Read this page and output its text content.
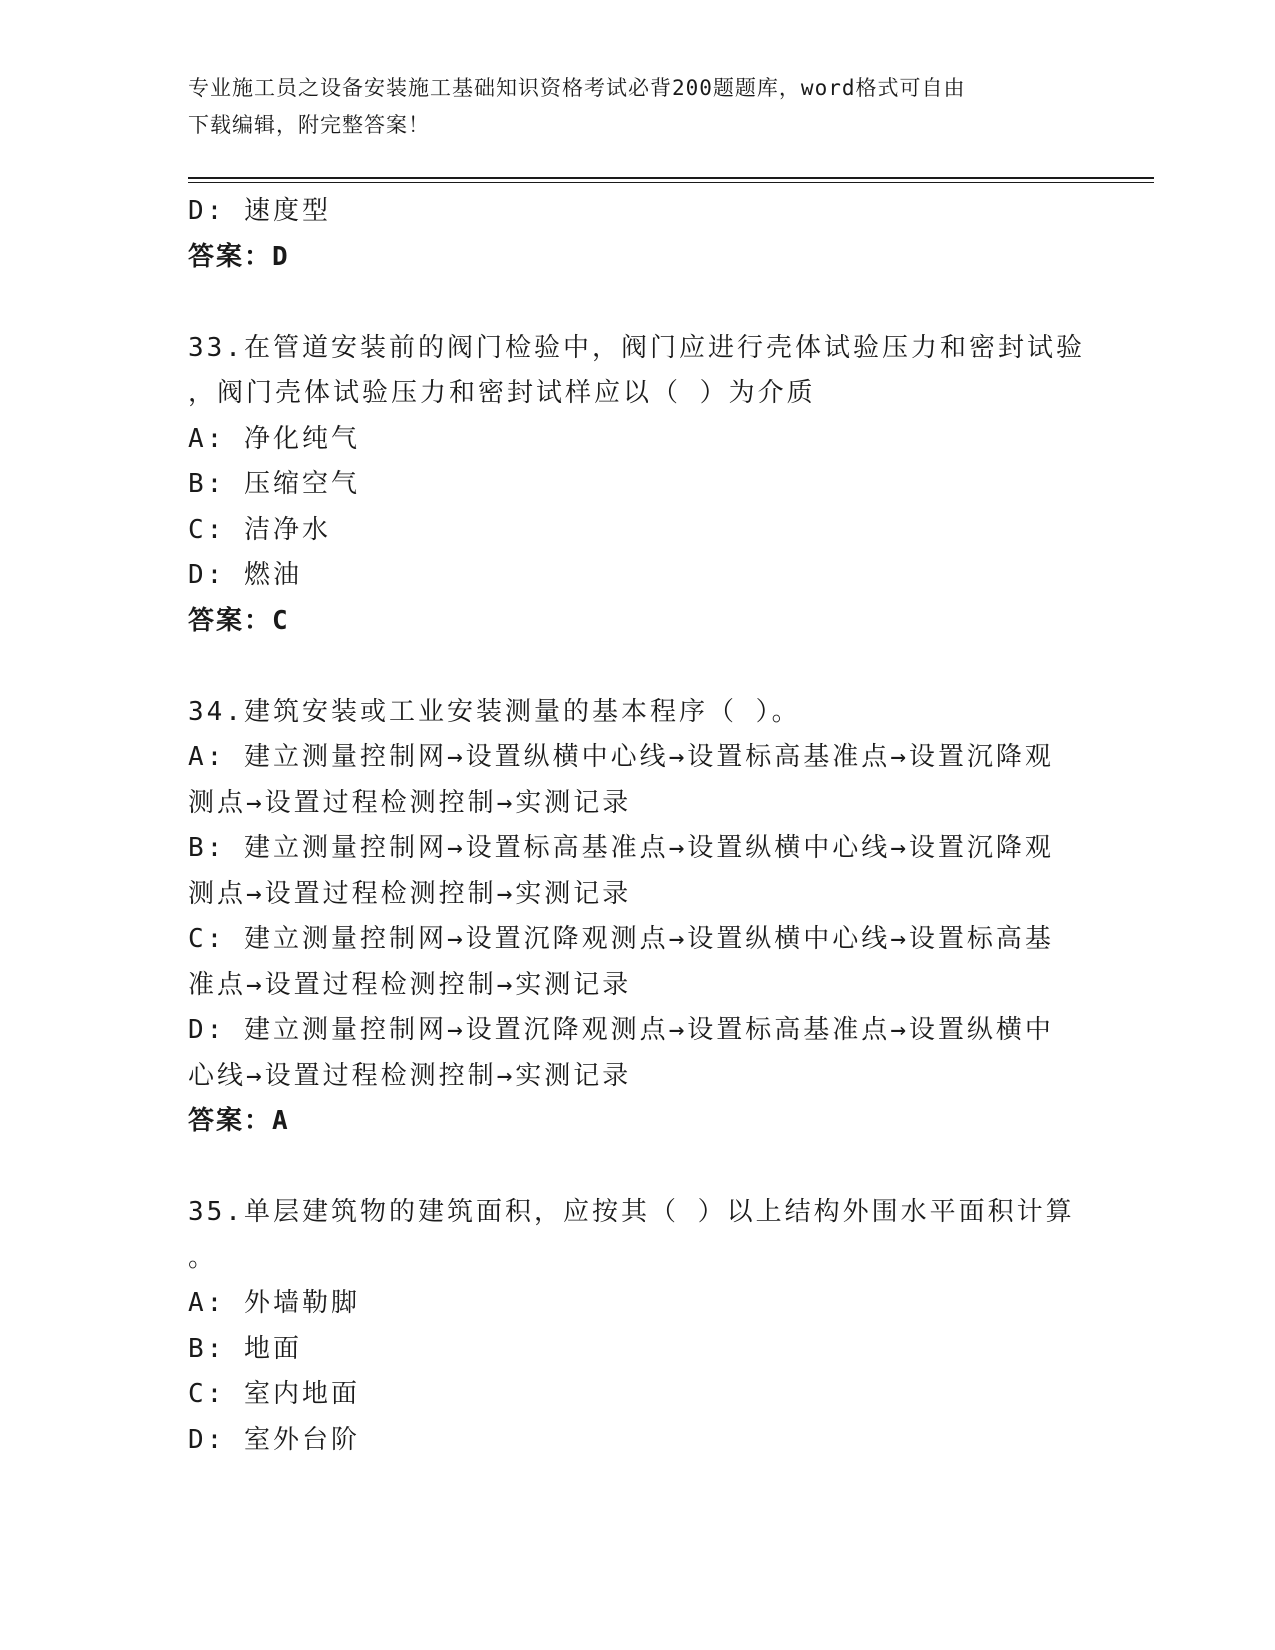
专业施工员之设备安装施工基础知识资格考试必背200题题库，word格式可自由
下载编辑，附完整答案！
D: 速度型
答案：D
33.在管道安装前的阀门检验中，阀门应进行壳体试验压力和密封试验
，阀门壳体试验压力和密封试样应以（ ）为介质
A: 净化纯气
B: 压缩空气
C: 洁净水
D: 燃油
答案：C
34.建筑安装或工业安装测量的基本程序（ ）。
A: 建立测量控制网→设置纵横中心线→设置标高基准点→设置沉降观
测点→设置过程检测控制→实测记录
B: 建立测量控制网→设置标高基准点→设置纵横中心线→设置沉降观
测点→设置过程检测控制→实测记录
C: 建立测量控制网→设置沉降观测点→设置纵横中心线→设置标高基
准点→设置过程检测控制→实测记录
D: 建立测量控制网→设置沉降观测点→设置标高基准点→设置纵横中
心线→设置过程检测控制→实测记录
答案：A
35.单层建筑物的建筑面积，应按其（ ）以上结构外围水平面积计算
。
A: 外墙勒脚
B: 地面
C: 室内地面
D: 室外台阶
